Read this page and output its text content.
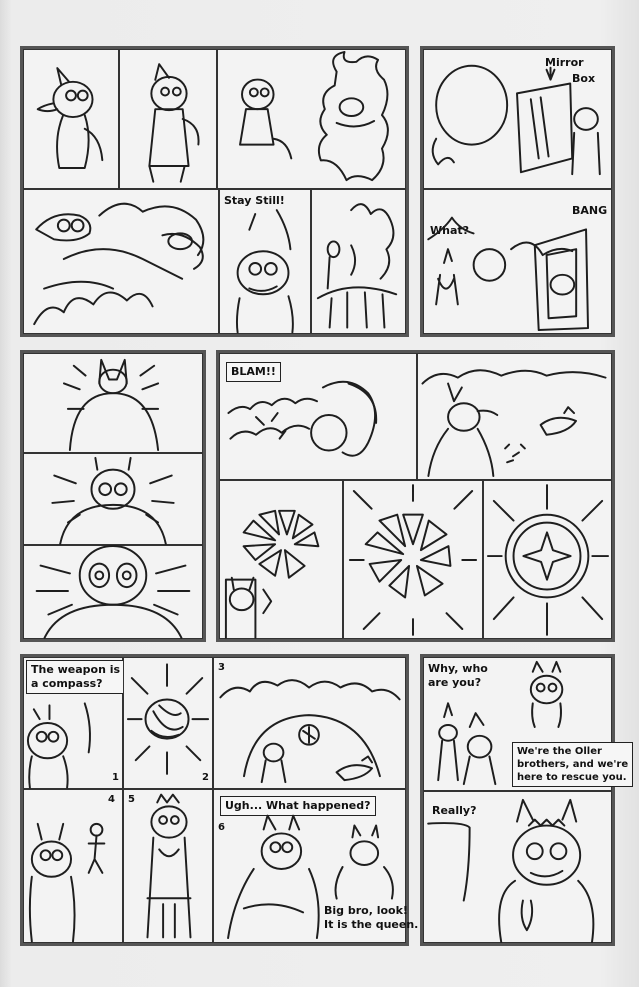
Stay Still!
Mirror
Box
What?
BANG
BLAM!!
The weapon is
a compass?
1	2
3
4 5	Ugh... What happened?
6
Big bro, look!
It is the queen.
Why, who
are you?
We're the Oller
brothers, and we're
here to rescue you.
Really?
